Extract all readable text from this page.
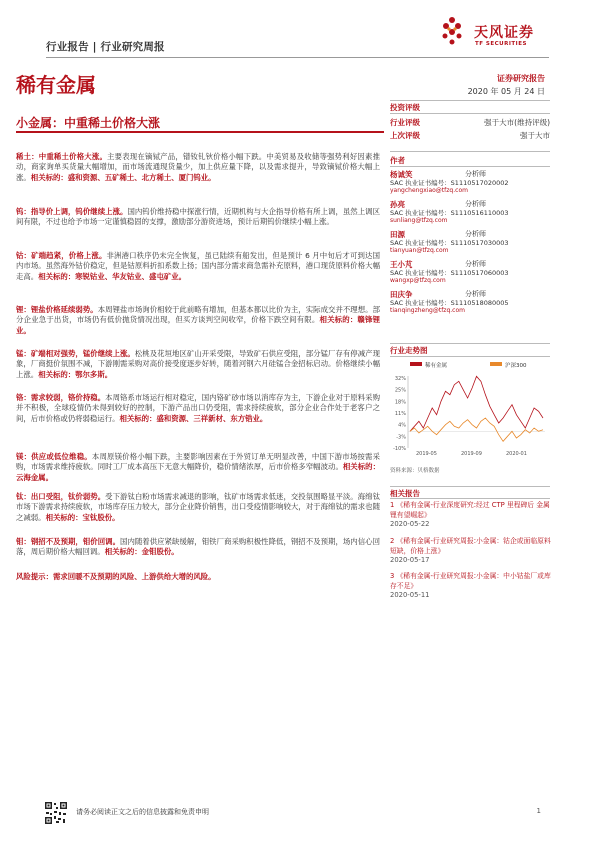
行业报告 | 行业研究周报
天风证券
TF SECURITIES
稀有金属	证券研究报告
2020 年 05 月 24 日
小金属：中重稀土价格大涨
投资评级
行业评级	强于大市(维持评级)
上次评级	强于大市
作者
杨诚笑	分析师
SAC 执业证书编号：S1110517020002
yangchengxiao@tfzq.com
孙亮	分析师
SAC 执业证书编号：S1110516110003
sunliang@tfzq.com
田源	分析师
SAC 执业证书编号：S1110517030003
tianyuan@tfzq.com
王小芃	分析师
SAC 执业证书编号：S1110517060003
wangxp@tfzq.com
田庆争	分析师
SAC 执业证书编号：S1110518080005
tianqingzheng@tfzq.com
行业走势图
稀有金属	沪深300
32%
25%
18%
11%
4%
-3%
-10%
2019-05	2019-09	2020-01
资料来源：贝格数据
相关报告
1 《稀有金属-行业深度研究:经过 CTP 里程碑后 金属锂有望崛起》
2020-05-22
2 《稀有金属-行业研究周报:小金属：钴企或面临原料短缺，价格上涨》
2020-05-17
3 《稀有金属-行业研究周报:小金属：中小钴盐厂或库存不足》
2020-05-11
稀土：中重稀土价格大涨。主要表现在镝铽产品，镨钕钆钬价格小幅下跌。中美贸易及收储等强势利好因素推动，商家询单买货量大幅增加，而市场流通现货量少，加上供应量下降，以及需求提升，导致镝铽价格大幅上涨。相关标的：盛和资源、五矿稀土、北方稀土、厦门钨业。
钨：指导价上调，钨价继续上涨。国内钨价维持稳中探涨行情，近期机构与大企指导价格有所上调，虽然上调区间有限，不过也给予市场一定谨慎稳固的支撑，激励部分游资进场，预计后期钨价继续小幅上涨。
钴：矿端趋紧，价格上涨。非洲港口秩序仍未完全恢复，虽已陆续有船发出，但是预计 6 月中旬后才可到达国内市场。虽然海外钴价稳定，但是钴原料折扣系数上扬；国内部分需求商急需补充原料，港口现货原料价格大幅走高。相关标的：寒锐钴业、华友钴业、盛屯矿业。
锂：锂盐价格延续弱势。本周锂盐市场询价相较于此前略有增加，但基本都以比价为主，实际成交并不理想。部分企业急于出货，市场仍有低价抛货情况出现，但买方谈判空间收窄，价格下跌空间有限。相关标的：赣锋锂业。
锰：矿端相对强势，锰价继续上涨。松桃及花垣地区矿山开采受限，导致矿石供应受阻，部分锰厂存有停减产现象，厂商挺价氛围不减，下游刚需采购对高价接受度逐步好转，随着河钢六月硅锰合金招标启动。价格继续小幅上涨。相关标的：鄂尔多斯。
铬：需求较弱，铬价持稳。本周铬系市场运行相对稳定，国内铬矿砂市场以消库存为主，下游企业对于原料采购并不积极，全球疫情仍未得到较好的控制，下游产品出口仍受阻，需求持续疲软，部分企业合作处于老客户之间，后市价格或仍将弱稳运行。相关标的：盛和资源、三祥新材、东方锆业。
镁：供应或低位维稳。本周原镁价格小幅下跌，主要影响因素在于外贸订单无明显改善，中国下游市场按需采购，市场需求维持疲软。同时工厂成本高压下无意大幅降价，稳价情绪浓厚，后市价格多窄幅波动。相关标的：云海金属。
钛：出口受阻，钛价弱势。受下游钛白粉市场需求减退的影响，钛矿市场需求低迷，交投氛围略显平淡。海绵钛市场下游需求持续疲软，市场库存压力较大，部分企业降价销售，出口受疫情影响较大，对于海绵钛的需求也随之减弱。相关标的：宝钛股份。
钼：钢招不及预期，钼价回调。国内随着供应紧缺缓解，钼铁厂商采购积极性降低，钢招不及预期，场内信心回落，周后期价格大幅回调。相关标的：金钼股份。
风险提示：需求回暖不及预期的风险、上游供给大增的风险。
请务必阅读正文之后的信息披露和免责申明	1
